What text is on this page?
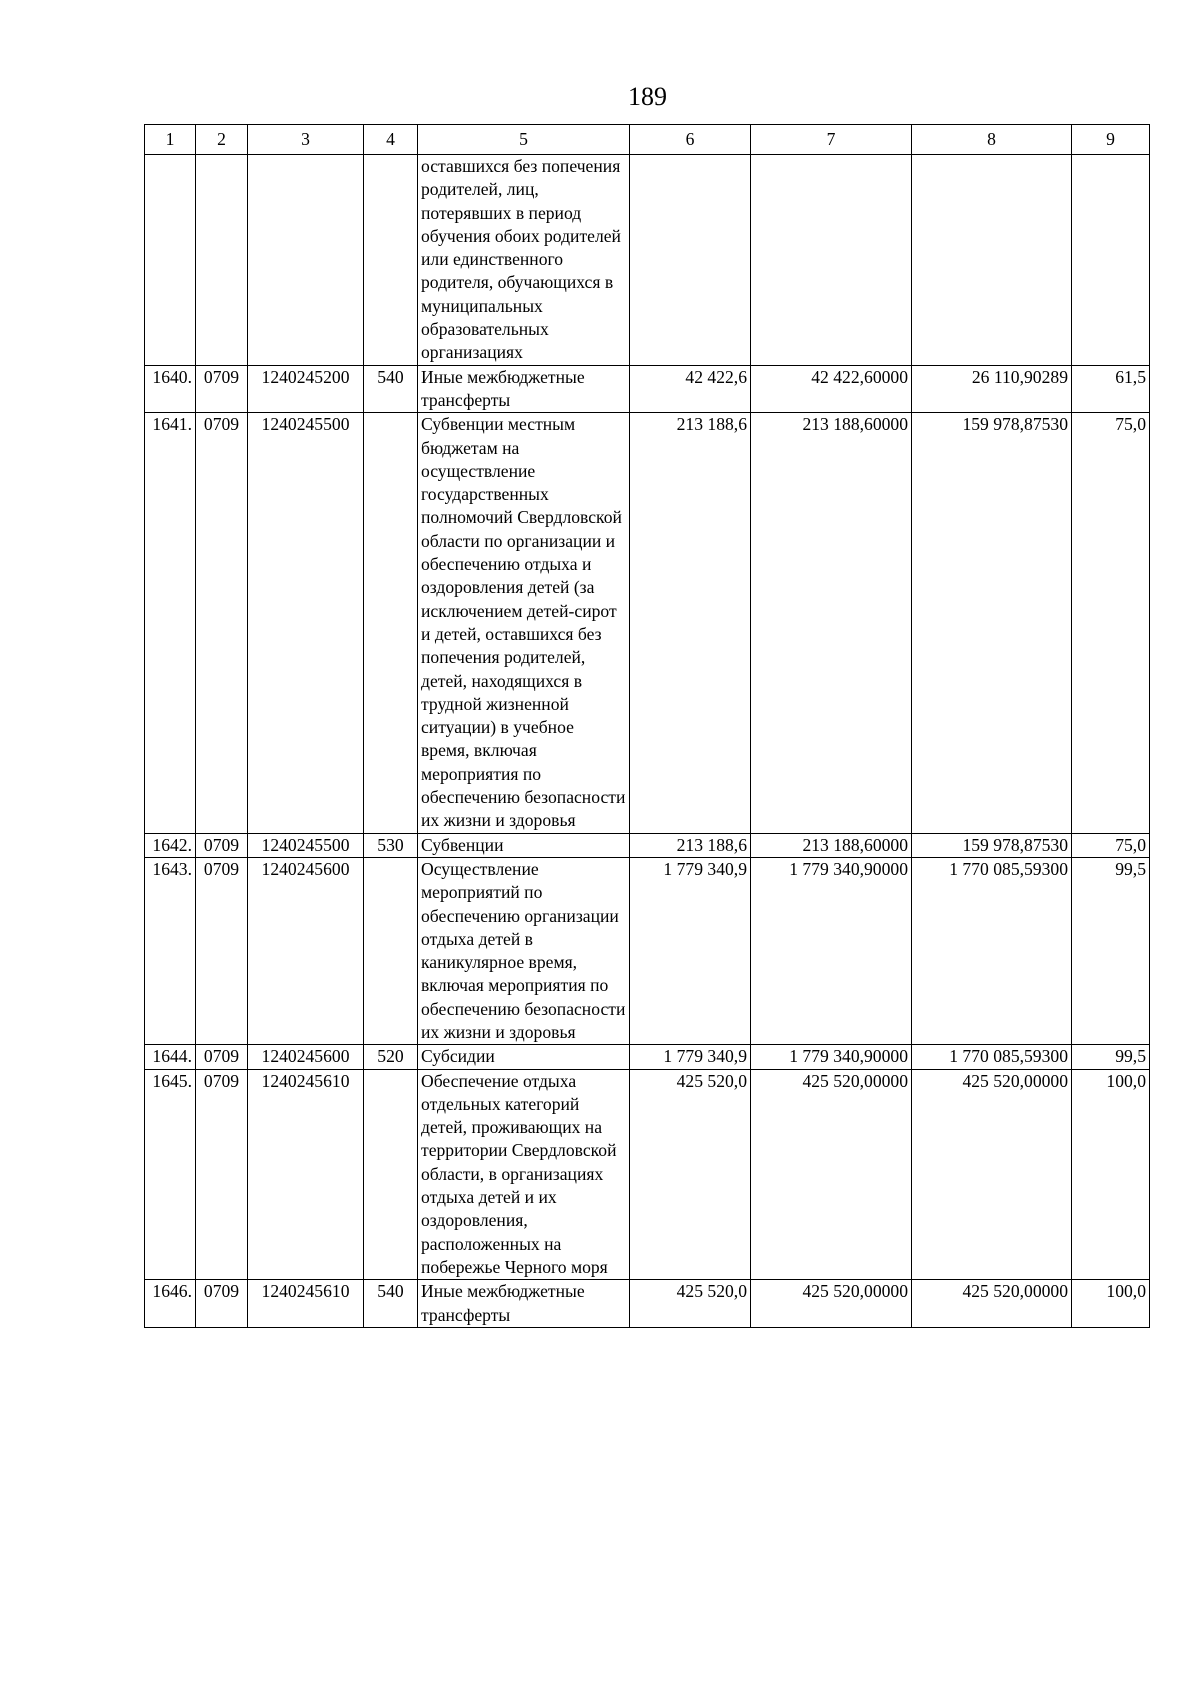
189
1	2	3	4	5	6	7	8	9
				оставшихся без попечения родителей, лиц, потерявших в период обучения обоих родителей или единственного родителя, обучающихся в муниципальных образовательных организациях				
1640.	0709	1240245200	540	Иные межбюджетные трансферты	42 422,6	42 422,60000	26 110,90289	61,5
1641.	0709	1240245500		Субвенции местным бюджетам на осуществление государственных полномочий Свердловской области по организации и обеспечению отдыха и оздоровления детей (за исключением детей-сирот и детей, оставшихся без попечения родителей, детей, находящихся в трудной жизненной ситуации) в учебное время, включая мероприятия по обеспечению безопасности их жизни и здоровья	213 188,6	213 188,60000	159 978,87530	75,0
1642.	0709	1240245500	530	Субвенции	213 188,6	213 188,60000	159 978,87530	75,0
1643.	0709	1240245600		Осуществление мероприятий по обеспечению организации отдыха детей в каникулярное время, включая мероприятия по обеспечению безопасности их жизни и здоровья	1 779 340,9	1 779 340,90000	1 770 085,59300	99,5
1644.	0709	1240245600	520	Субсидии	1 779 340,9	1 779 340,90000	1 770 085,59300	99,5
1645.	0709	1240245610		Обеспечение отдыха отдельных категорий детей, проживающих на территории Свердловской области, в организациях отдыха детей и их оздоровления, расположенных на побережье Черного моря	425 520,0	425 520,00000	425 520,00000	100,0
1646.	0709	1240245610	540	Иные межбюджетные трансферты	425 520,0	425 520,00000	425 520,00000	100,0
